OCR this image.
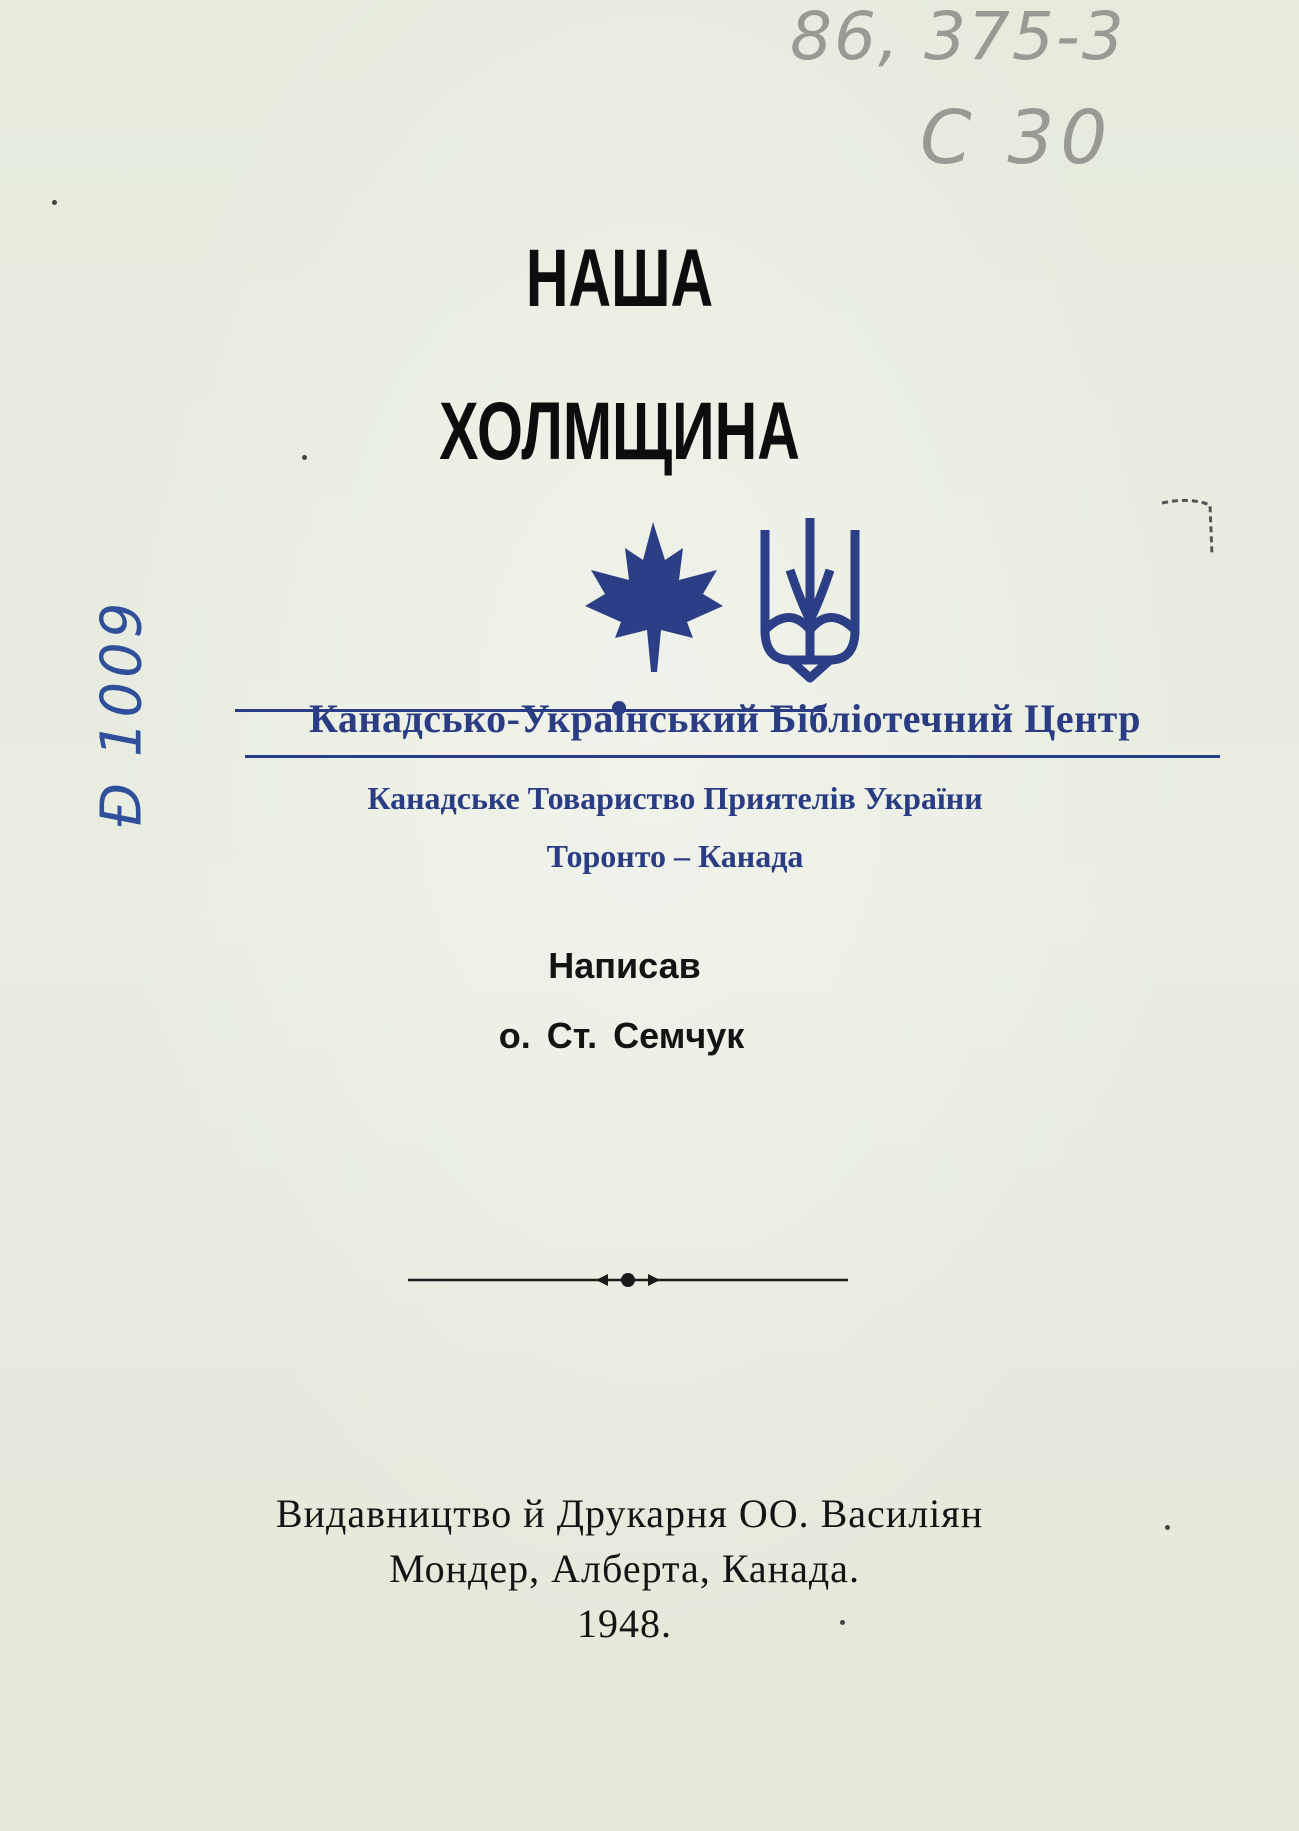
86, 375-3
C 30
Ð 1009
НАША
ХОЛМЩИНА
Канадсько-Український Бібліотечний Центр
Канадське Товариство Приятелів України
Торонто – Канада
Написав
о. Ст. Семчук
Видавництво й Друкарня ОО. Василіян
Мондер, Алберта, Канада.
1948.
